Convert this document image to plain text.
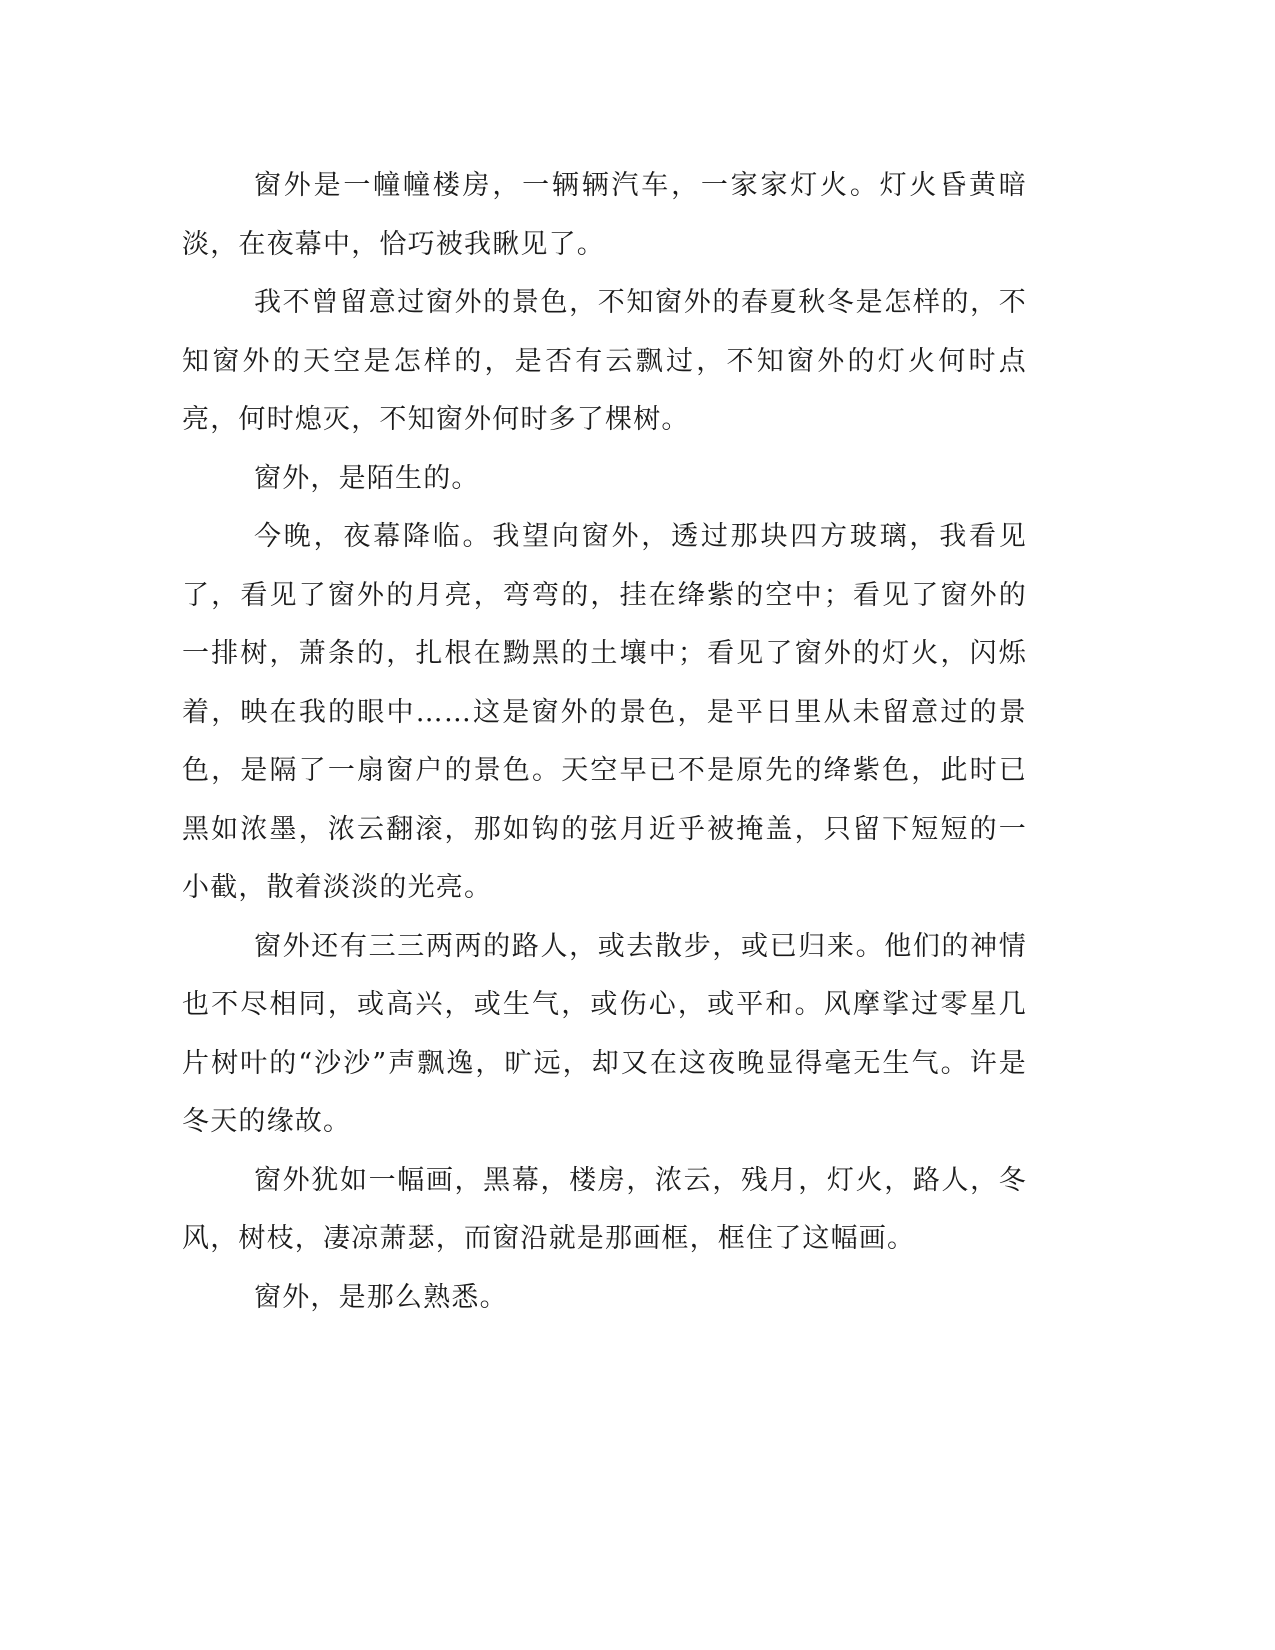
窗外是一幢幢楼房，一辆辆汽车，一家家灯火。灯火昏黄暗淡，在夜幕中，恰巧被我瞅见了。

我不曾留意过窗外的景色，不知窗外的春夏秋冬是怎样的，不知窗外的天空是怎样的，是否有云飘过，不知窗外的灯火何时点亮，何时熄灭，不知窗外何时多了棵树。

窗外，是陌生的。

今晚，夜幕降临。我望向窗外，透过那块四方玻璃，我看见了，看见了窗外的月亮，弯弯的，挂在绛紫的空中；看见了窗外的一排树，萧条的，扎根在黝黑的土壤中；看见了窗外的灯火，闪烁着，映在我的眼中……这是窗外的景色，是平日里从未留意过的景色，是隔了一扇窗户的景色。天空早已不是原先的绛紫色，此时已黑如浓墨，浓云翻滚，那如钩的弦月近乎被掩盖，只留下短短的一小截，散着淡淡的光亮。

窗外还有三三两两的路人，或去散步，或已归来。他们的神情也不尽相同，或高兴，或生气，或伤心，或平和。风摩挲过零星几片树叶的“沙沙”声飘逸，旷远，却又在这夜晚显得毫无生气。许是冬天的缘故。

窗外犹如一幅画，黑幕，楼房，浓云，残月，灯火，路人，冬风，树枝，凄凉萧瑟，而窗沿就是那画框，框住了这幅画。

窗外，是那么熟悉。
